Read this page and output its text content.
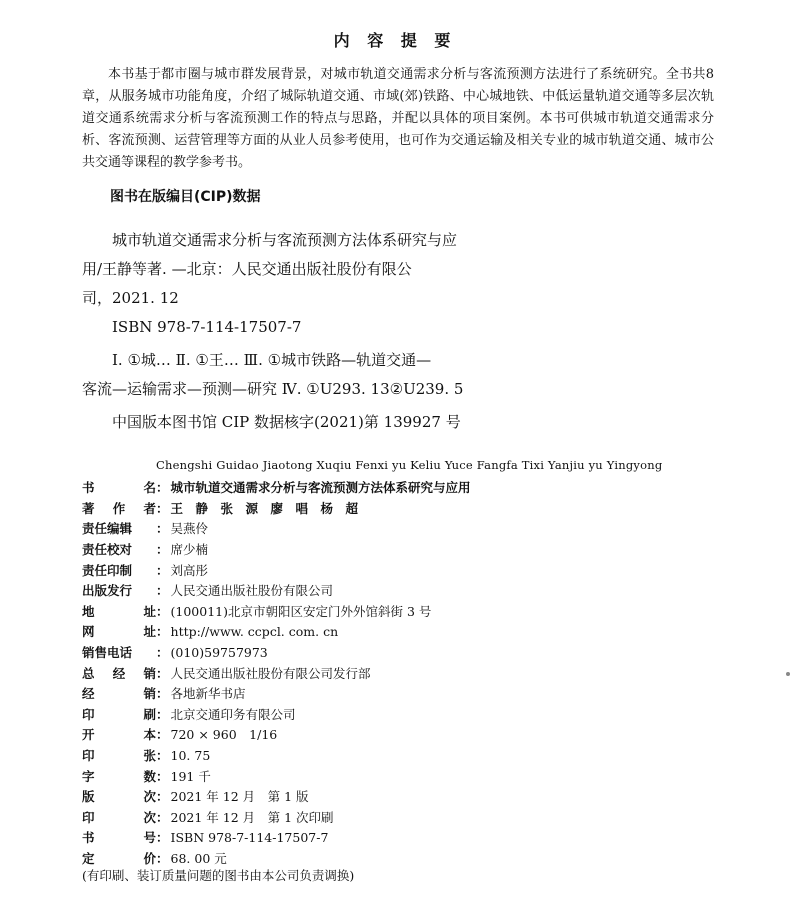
内 容 提 要

本书基于都市圈与城市群发展背景，对城市轨道交通需求分析与客流预测方法进行了系统研究。全书共8章，从服务城市功能角度，介绍了城际轨道交通、市域(郊)铁路、中心城地铁、中低运量轨道交通等多层次轨道交通系统需求分析与客流预测工作的特点与思路，并配以具体的项目案例。本书可供城市轨道交通需求分析、客流预测、运营管理等方面的从业人员参考使用，也可作为交通运输及相关专业的城市轨道交通、城市公共交通等课程的教学参考书。

图书在版编目(CIP)数据

城市轨道交通需求分析与客流预测方法体系研究与应

用/王静等著. —北京：人民交通出版社股份有限公

司，2021. 12

ISBN 978-7-114-17507-7

Ⅰ. ①城… Ⅱ. ①王… Ⅲ. ①城市铁路—轨道交通—

客流—运输需求—预测—研究 Ⅳ. ①U293. 13②U239. 5

中国版本图书馆 CIP 数据核字(2021)第 139927 号

Chengshi Guidao Jiaotong Xuqiu Fenxi yu Keliu Yuce Fangfa Tixi Yanjiu yu Yingyong
书	名 ： 城市轨道交通需求分析与客流预测方法体系研究与应用
著 作 者 ： 王　静　张　源　廖　唱　杨　超
责任编辑 ： 吴燕伶
责任校对 ： 席少楠
责任印制 ： 刘高彤
出版发行 ： 人民交通出版社股份有限公司
地	址 ： (100011)北京市朝阳区安定门外外馆斜街 3 号
网	址 ： http://www. ccpcl. com. cn
销售电话 ： (010)59757973
总 经 销 ： 人民交通出版社股份有限公司发行部
经	销 ： 各地新华书店
印	刷 ： 北京交通印务有限公司
开	本 ： 720 × 960　1/16
印	张 ： 10. 75
字	数 ： 191 千
版	次 ： 2021 年 12 月　第 1 版
印	次 ： 2021 年 12 月　第 1 次印刷
书	号 ： ISBN 978-7-114-17507-7
定	价 ： 68. 00 元
(有印刷、装订质量问题的图书由本公司负责调换)
